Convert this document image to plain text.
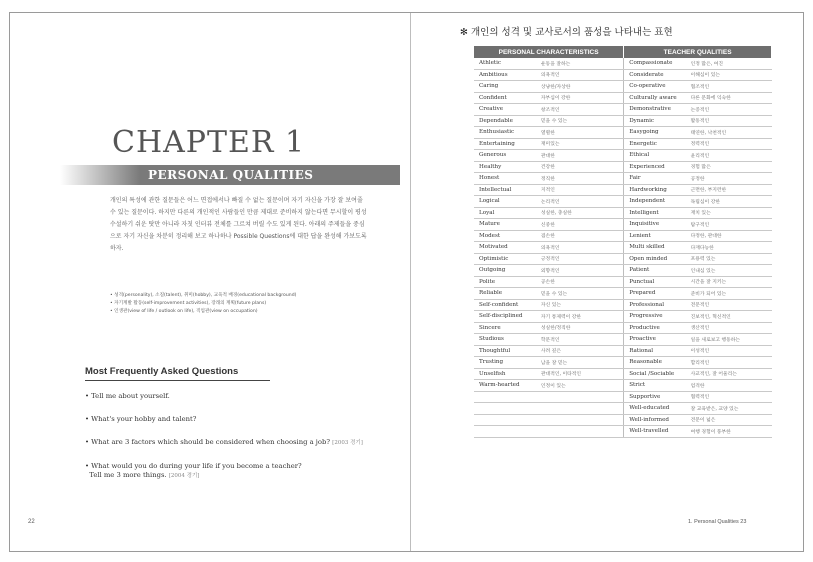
CHAPTER 1
PERSONAL QUALITIES

개인의 특성에 관한 질문들은 어느 면접에서나 빠질 수 없는 질문이며 자기 자신을 가장 잘 보여줄 수 있는 질문이다. 하지만 다른의 개인적인 사람들인 만큼 제대로 준비하지 않는다면 무시할이 평성수설하기 쉬운 탓만 아니라 자칫 인터뷰 전체를 그르쳐 버릴 수도 있게 된다. 아래의 주제들을 중심으로 자기 자신을 차분히 정리해 보고 하나하나 Possible Questions에 대한 답을 완성해 가보도록 하자.

• 성격(personality), 소질(talent), 취미(hobby), 교육적 배경(educational background)
• 자기계발 활동(self-improvement activities), 장래의 계획(future plans)
• 인생관(view of life / outlook on life), 직업관(view on occupation)
Most Frequently Asked Questions
• Tell me about yourself.
• What's your hobby and talent?
• What are 3 factors which should be considered when choosing a job? [2003 경기]
• What would you do during your life if you become a teacher?
Tell me 3 more things. [2004 경기]
22
✻ 개인의 성격 및 교사로서의 품성을 나타내는 표현
PERSONAL CHARACTERISTICS		TEACHER QUALITIES	
Athletic	운동을 잘하는	Compassionate	인정 많은, 여진
Ambitious	의욕적인	Considerate	이해심이 있는
Caring	상냥한/자상한	Co-operative	협조적인
Confident	자부심이 강한	Culturally aware	다른 문화에 익숙한
Creative	창조적인	Demonstrative	논증적인
Dependable	믿을 수 있는	Dynamic	활동적인
Enthusiastic	열렬한	Easygoing	태연한, 낙천적인
Entertaining	재미있는	Energetic	정력적인
Generous	관대한	Ethical	윤리적인
Healthy	건강한	Experienced	경험 많은
Honest	정직한	Fair	공정한
Intellectual	지적인	Hardworking	근면한, 부지런한
Logical	논리적인	Independent	독립심이 강한
Loyal	성실한, 충실한	Intelligent	재치 있는
Mature	신중한	Inquisitive	탐구적인
Modest	겸손한	Lenient	다정한, 관대한
Motivated	의욕적인	Multi skilled	다재다능한
Optimistic	긍정적인	Open minded	포용력 있는
Outgoing	외향적인	Patient	인내심 있는
Polite	공손한	Punctual	시간을 잘 지키는
Reliable	믿을 수 있는	Prepared	준비가 되어 있는
Self-confident	자신 있는	Professional	전문적인
Self-disciplined	자기 통제력이 강한	Progressive	진보적인, 혁신적인
Sincere	성실한/정직한	Productive	생산적인
Studious	학문적인	Proactive	일을 새로보고 행동하는
Thoughtful	사려 깊은	Rational	이성적인
Trusting	남을 잘 믿는	Reasonable	합리적인
Unselfish	관대적인, 이타적인	Social /Sociable	사교적인, 잘 어울리는
Warm-hearted	인정이 있는	Strict	엄격한
		Supportive	협력적인
		Well-educated	잘 교육받은, 교양 있는
		Well-informed	견문이 넓은
		Well-travelled	여행 경험이 풍부한
1. Personal Qualities 23
